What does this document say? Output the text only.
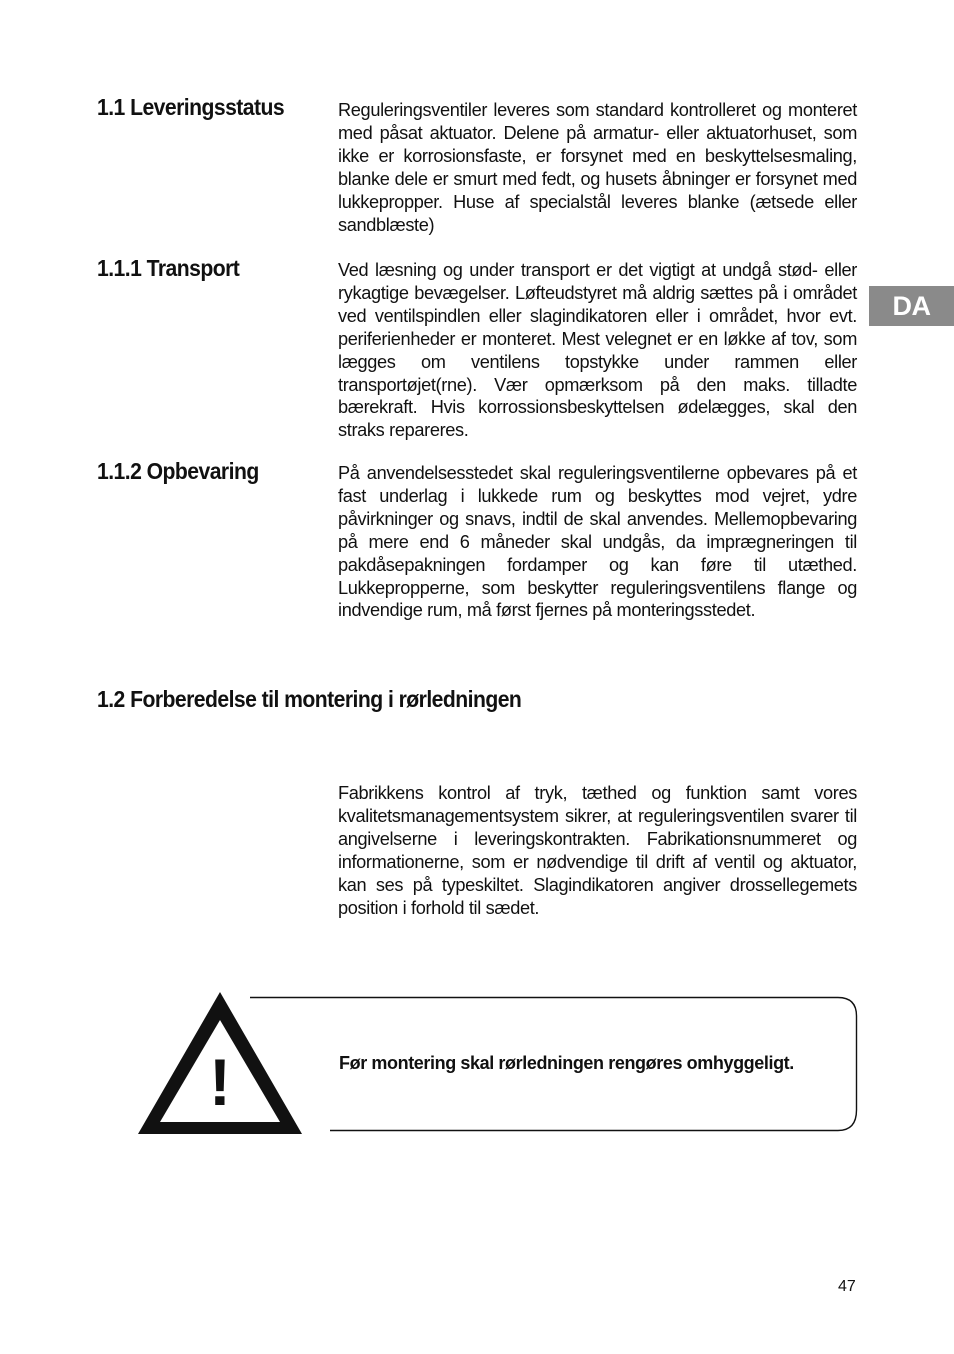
1.1 Leveringsstatus	Reguleringsventiler leveres som standard kontrolleret og monteret med påsat aktuator. Delene på armatur- eller aktuatorhuset, som ikke er korrosionsfaste, er forsynet med en beskyttelsesmaling, blanke dele er smurt med fedt, og husets åbninger er forsynet med lukkepropper. Huse af specialstål leveres blanke (ætsede eller sandblæste)

1.1.1 Transport	Ved læsning og under transport er det vigtigt at undgå stød- eller rykagtige bevægelser. Løfteudstyret må aldrig sættes på i området ved ventilspindlen eller slagindikatoren eller i området, hvor evt. periferienheder er monteret. Mest velegnet er en løkke af tov, som lægges om ventilens topstykke under rammen eller transportøjet(rne). Vær opmærksom på den maks. tilladte bærekraft. Hvis korrossionsbeskyttelsen ødelægges, skal den straks repareres.

1.1.2 Opbevaring	På anvendelsesstedet skal reguleringsventilerne opbevares på et fast underlag i lukkede rum og beskyttes mod vejret, ydre påvirkninger og snavs, indtil de skal anvendes. Mellemopbevaring på mere end 6 måneder skal undgås, da imprægneringen til pakdåsepakningen fordamper og kan føre til utæthed. Lukkepropperne, som beskytter reguleringsventilens flange og indvendige rum, må først fjernes på monteringsstedet.

1.2 Forberedelse til montering i rørledningen

Fabrikkens kontrol af tryk, tæthed og funktion samt vores kvalitetsmanagementsystem sikrer, at reguleringsventilen svarer til angivelserne i leveringskontrakten. Fabrikationsnummeret og informationerne, som er nødvendige til drift af ventil og aktuator, kan ses på typeskiltet. Slagindikatoren angiver drossellegemets position i forhold til sædet.

DA
!	Før montering skal rørledningen rengøres omhyggeligt.
47
